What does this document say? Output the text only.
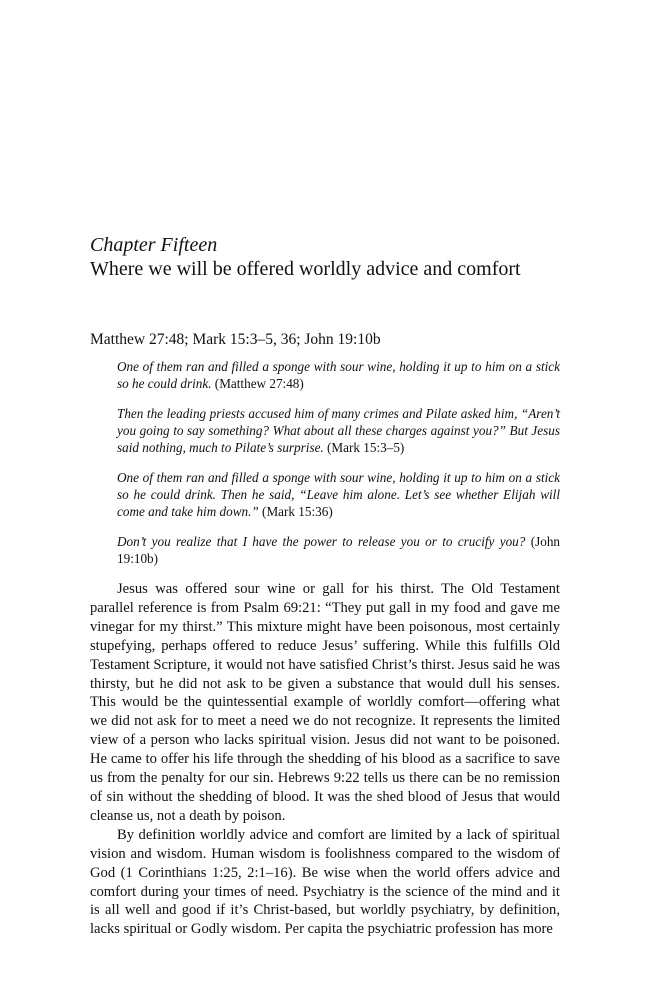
Chapter Fifteen

Where we will be offered worldly advice and comfort

Matthew 27:48; Mark 15:3–5, 36; John 19:10b

One of them ran and filled a sponge with sour wine, holding it up to him on a stick so he could drink. (Matthew 27:48)

Then the leading priests accused him of many crimes and Pilate asked him, “Aren’t you going to say something? What about all these charges against you?” But Jesus said nothing, much to Pilate’s surprise. (Mark 15:3–5)

One of them ran and filled a sponge with sour wine, holding it up to him on a stick so he could drink. Then he said, “Leave him alone. Let’s see whether Elijah will come and take him down.” (Mark 15:36)

Don’t you realize that I have the power to release you or to crucify you? (John 19:10b)

Jesus was offered sour wine or gall for his thirst. The Old Testament parallel reference is from Psalm 69:21: “They put gall in my food and gave me vinegar for my thirst.” This mixture might have been poisonous, most certainly stupefying, perhaps offered to reduce Jesus’ suffering. While this fulfills Old Testament Scripture, it would not have satisfied Christ’s thirst. Jesus said he was thirsty, but he did not ask to be given a substance that would dull his senses. This would be the quintessential example of worldly comfort—offering what we did not ask for to meet a need we do not recognize. It represents the limited view of a person who lacks spiritual vision. Jesus did not want to be poisoned. He came to offer his life through the shedding of his blood as a sacrifice to save us from the penalty for our sin. Hebrews 9:22 tells us there can be no remission of sin without the shedding of blood. It was the shed blood of Jesus that would cleanse us, not a death by poison.

By definition worldly advice and comfort are limited by a lack of spiritual vision and wisdom. Human wisdom is foolishness compared to the wisdom of God (1 Corinthians 1:25, 2:1–16). Be wise when the world offers advice and comfort during your times of need. Psychiatry is the science of the mind and it is all well and good if it’s Christ-based, but worldly psychiatry, by definition, lacks spiritual or Godly wisdom. Per capita the psychiatric profession has more
